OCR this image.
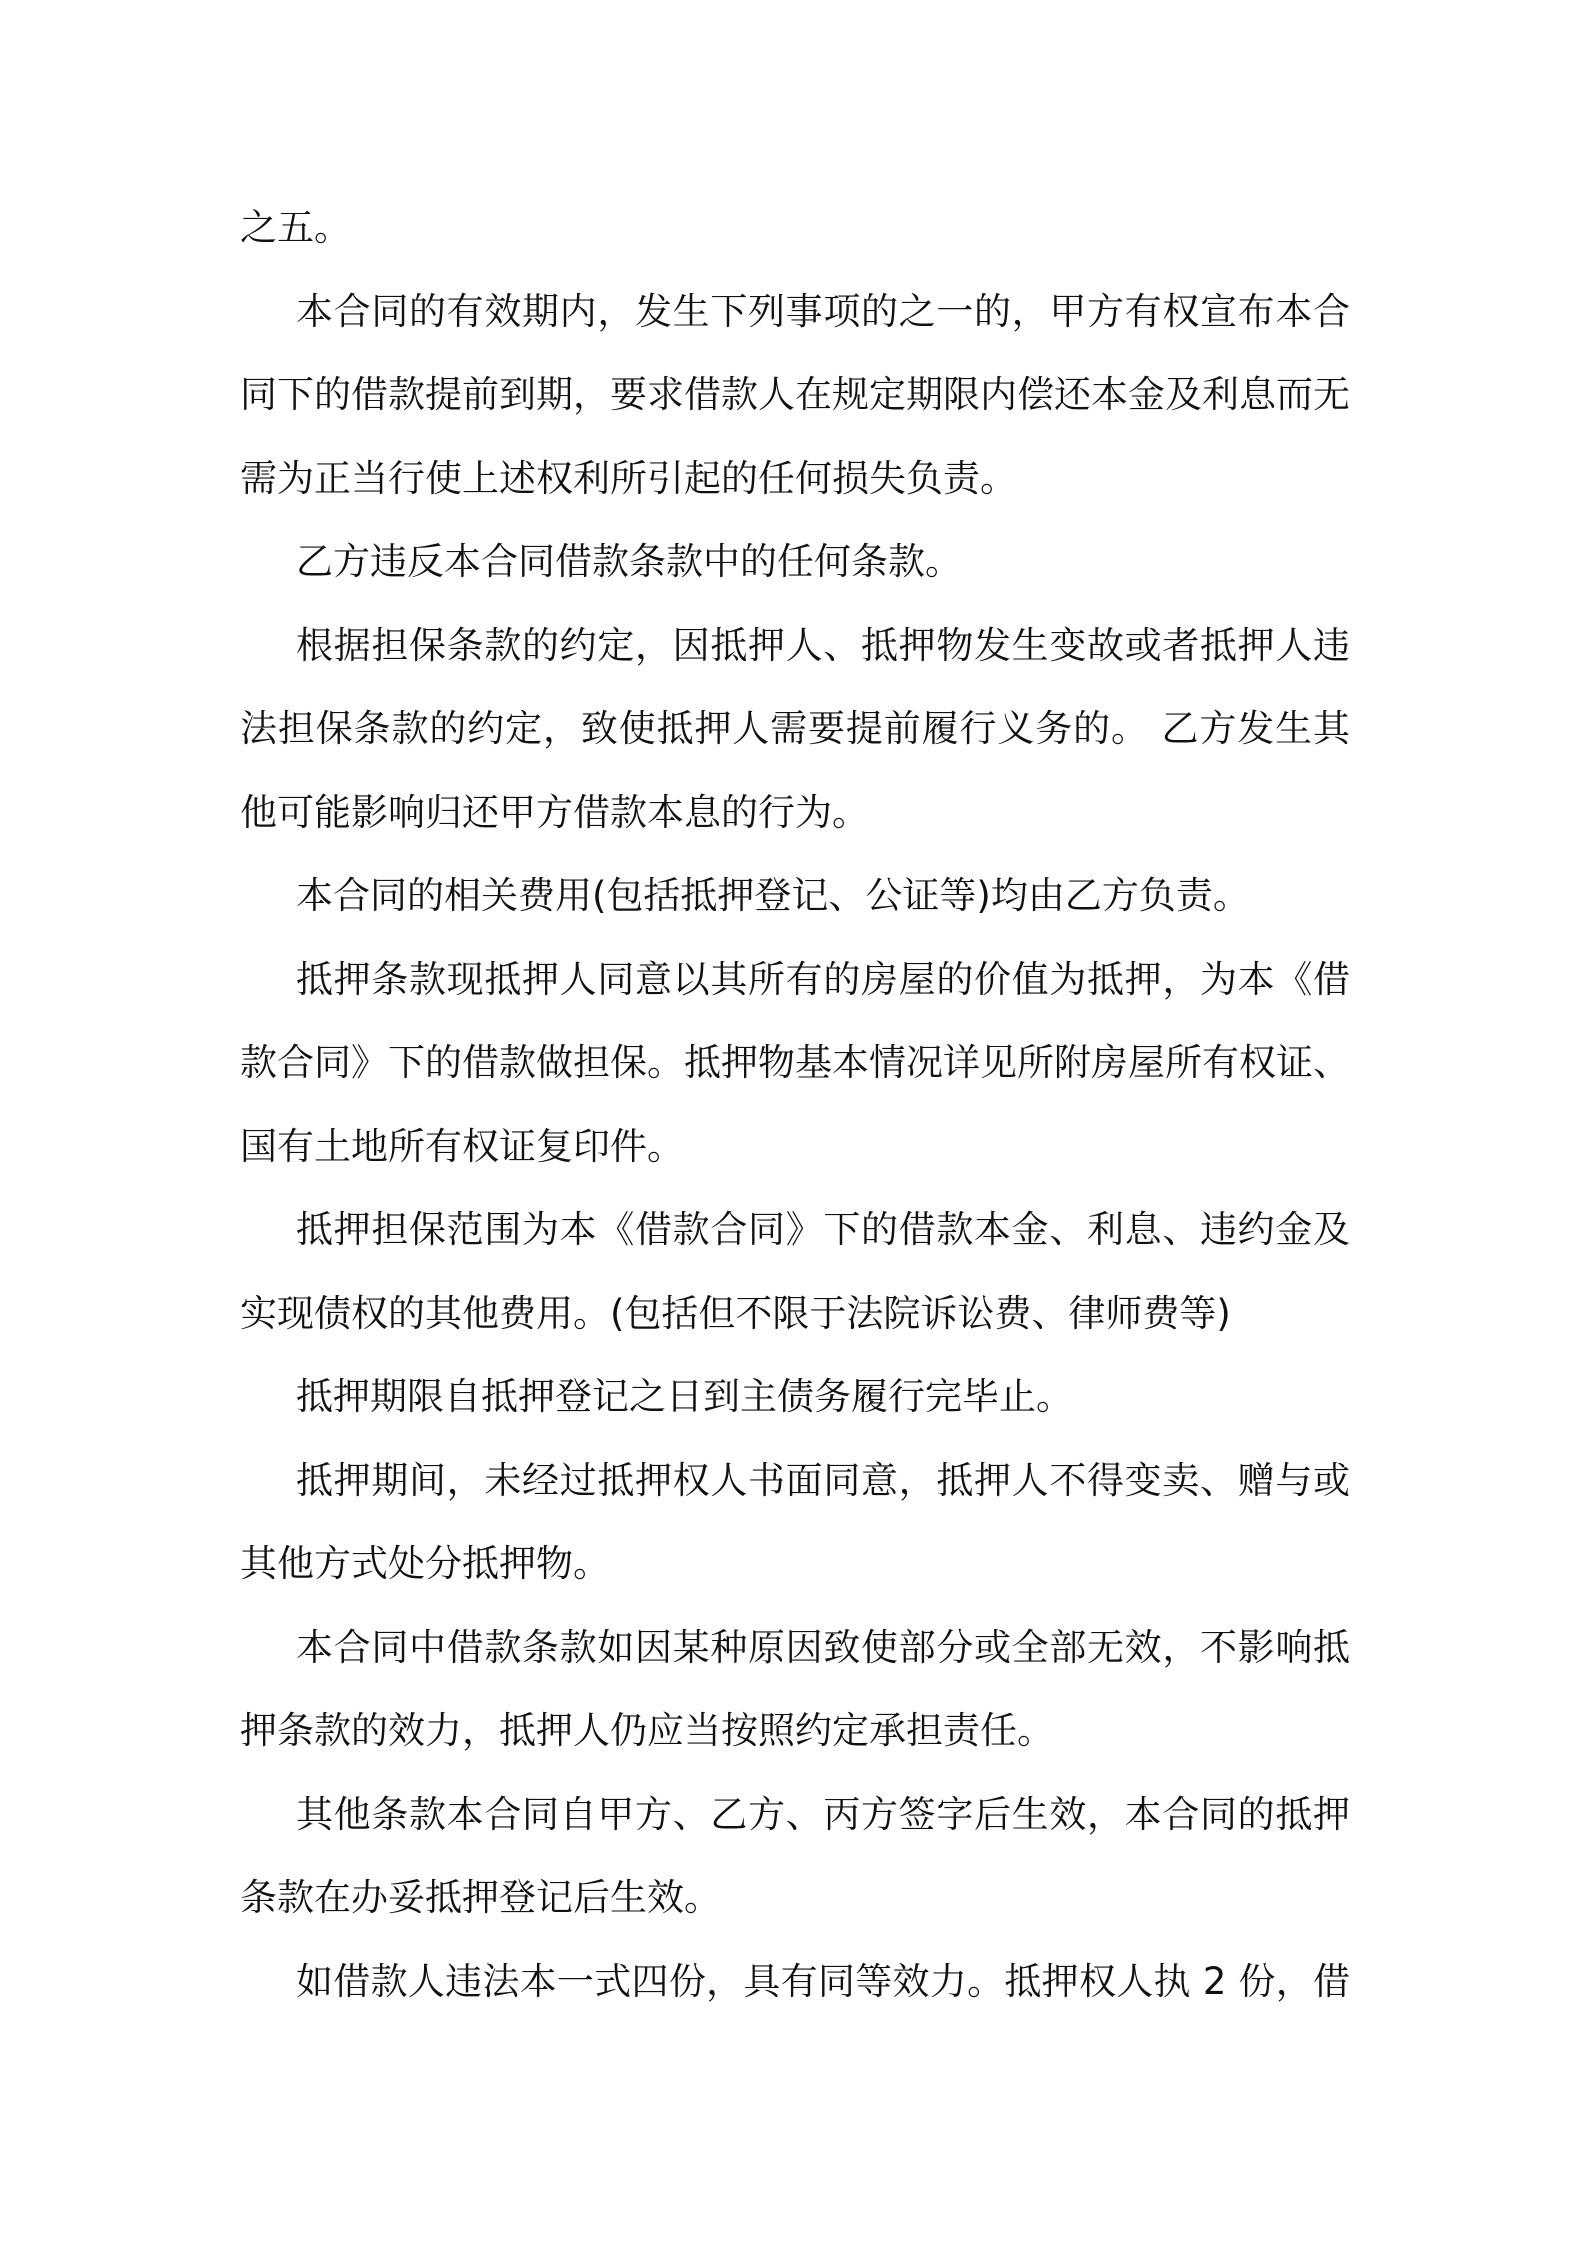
之五。
本合同的有效期内，发生下列事项的之一的，甲方有权宣布本合
同下的借款提前到期，要求借款人在规定期限内偿还本金及利息而无
需为正当行使上述权利所引起的任何损失负责。
乙方违反本合同借款条款中的任何条款。
根据担保条款的约定，因抵押人、抵押物发生变故或者抵押人违
法担保条款的约定，致使抵押人需要提前履行义务的。 乙方发生其
他可能影响归还甲方借款本息的行为。
本合同的相关费用(包括抵押登记、公证等)均由乙方负责。
抵押条款现抵押人同意以其所有的房屋的价值为抵押，为本《借
款合同》下的借款做担保。抵押物基本情况详见所附房屋所有权证、
国有土地所有权证复印件。
抵押担保范围为本《借款合同》下的借款本金、利息、违约金及
实现债权的其他费用。(包括但不限于法院诉讼费、律师费等)
抵押期限自抵押登记之日到主债务履行完毕止。
抵押期间，未经过抵押权人书面同意，抵押人不得变卖、赠与或
其他方式处分抵押物。
本合同中借款条款如因某种原因致使部分或全部无效，不影响抵
押条款的效力，抵押人仍应当按照约定承担责任。
其他条款本合同自甲方、乙方、丙方签字后生效，本合同的抵押
条款在办妥抵押登记后生效。
如借款人违法本一式四份，具有同等效力。抵押权人执 2 份，借
